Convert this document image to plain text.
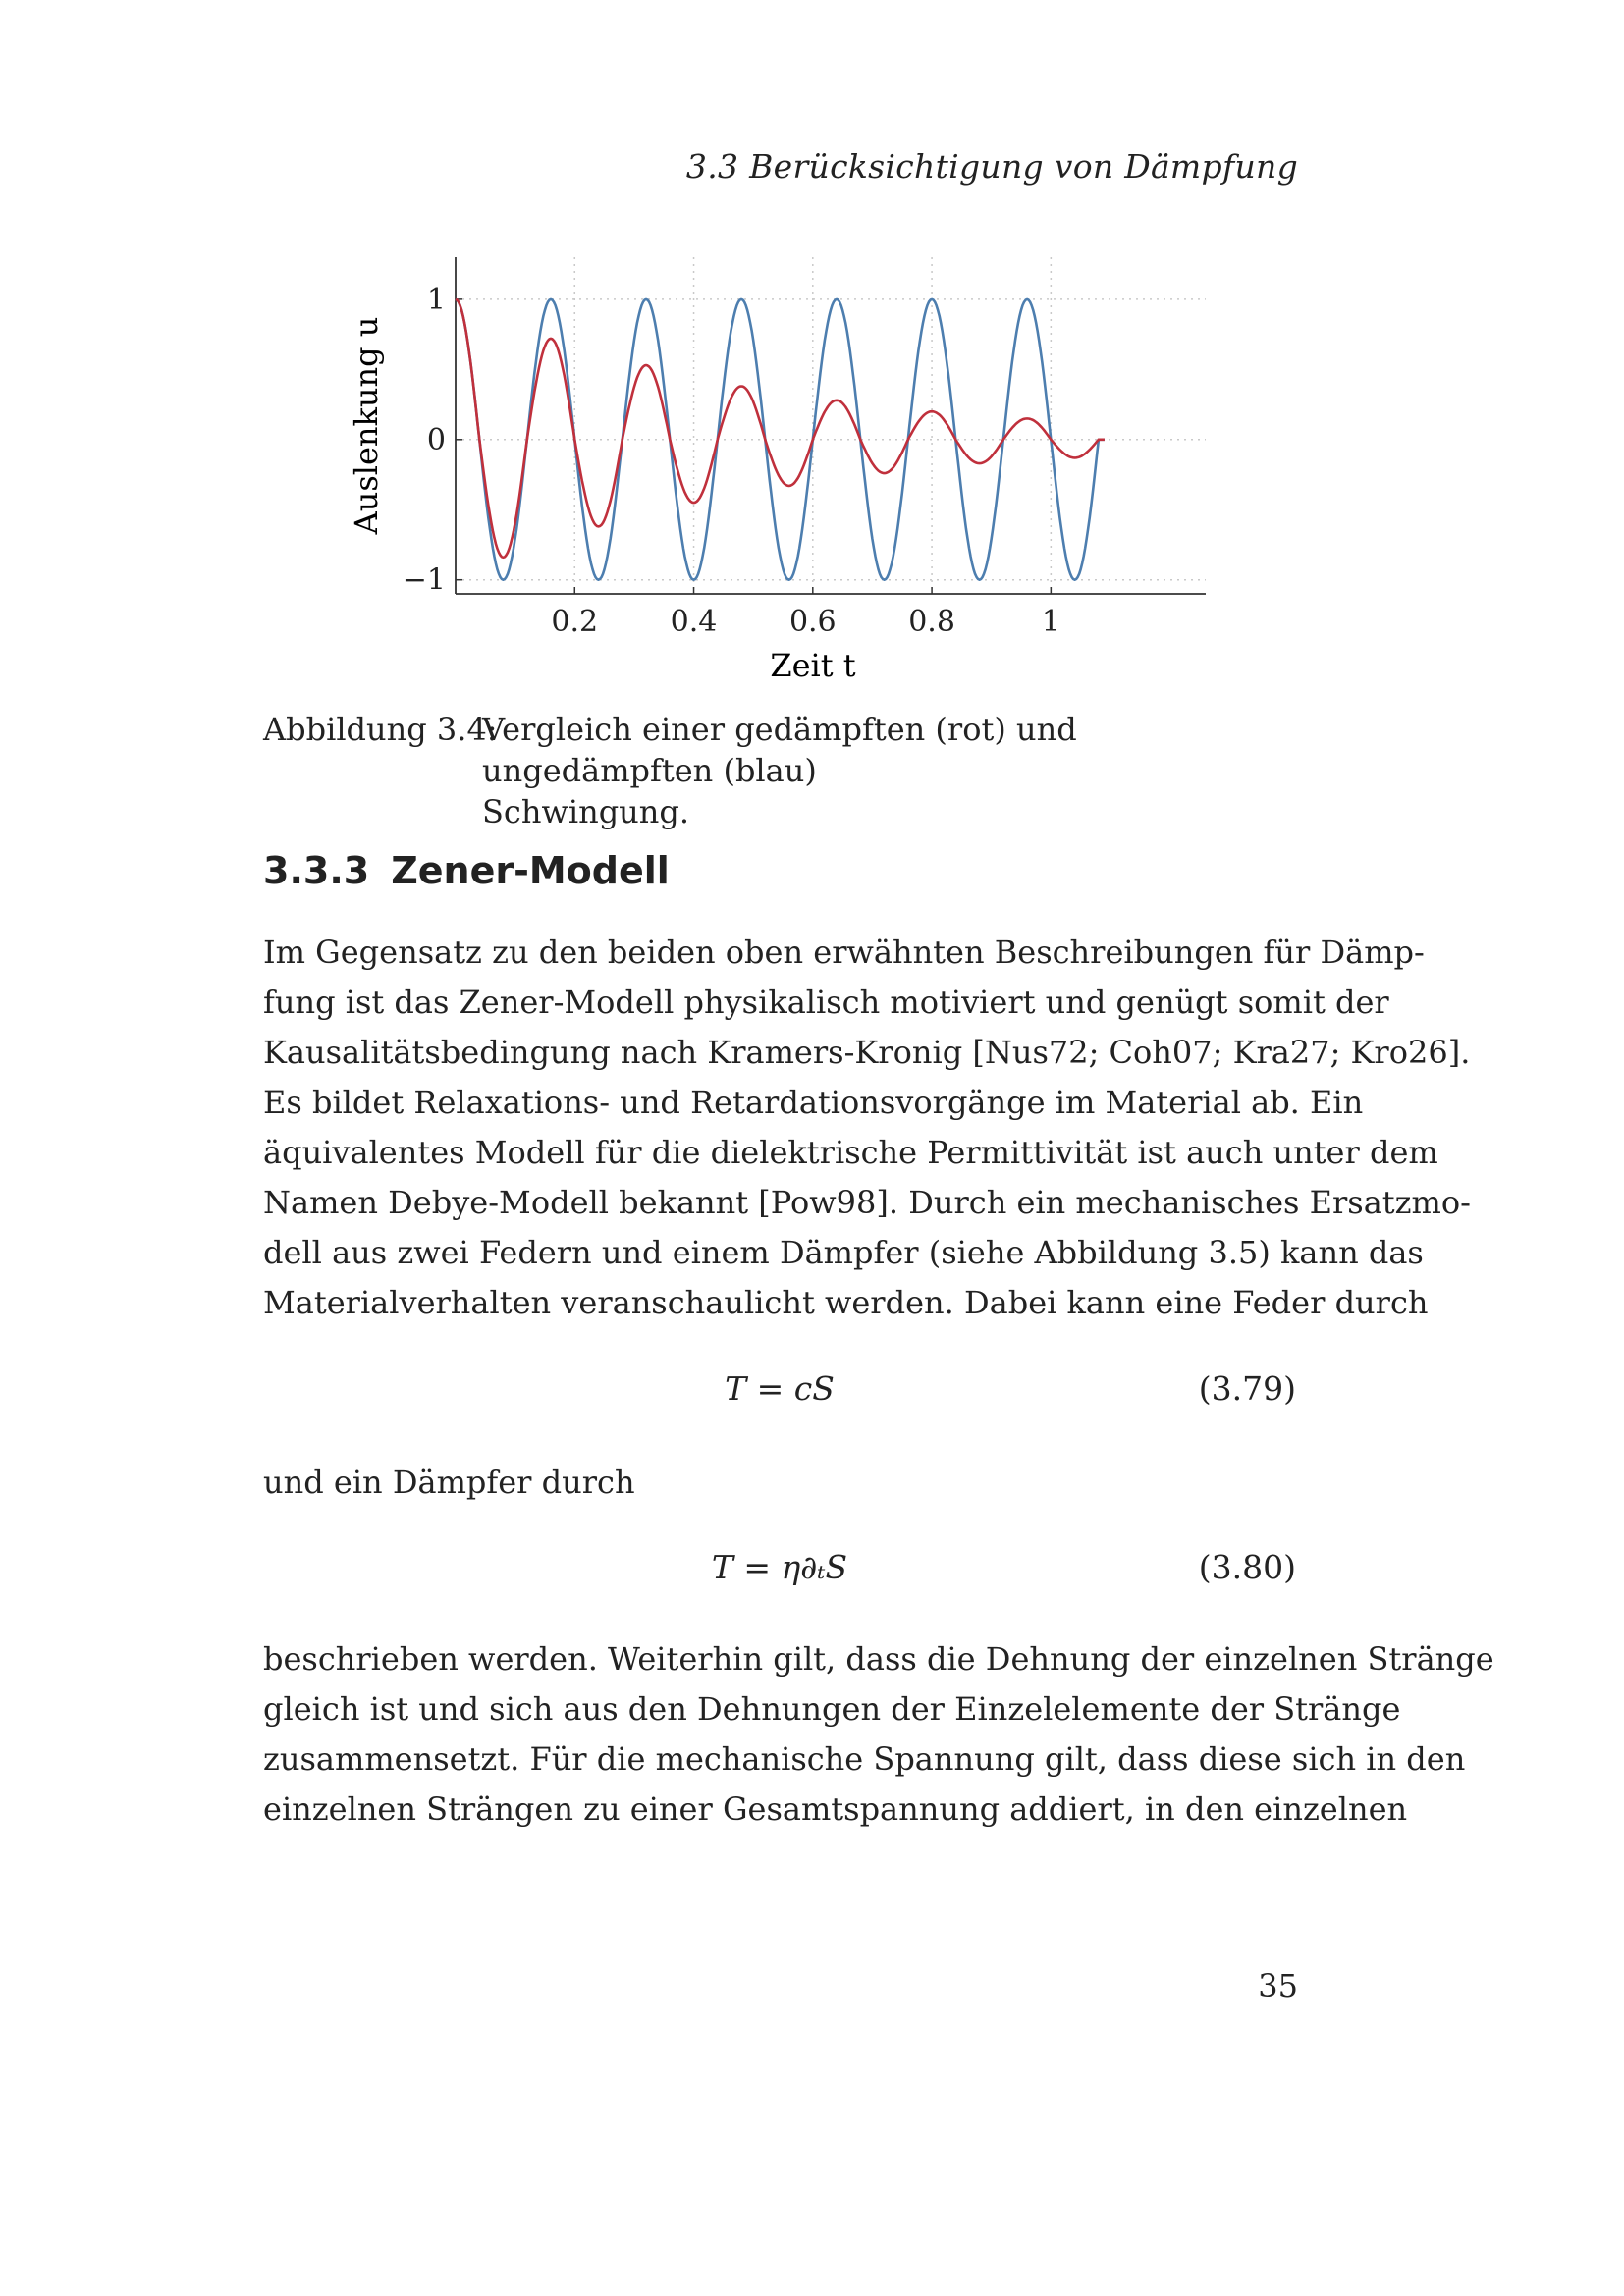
3.3 Berücksichtigung von Dämpfung
0.2 0.4 0.6 0.8	1
−1
0
1
Zeit t
Auslenkung u
Abbildung 3.4:
Vergleich einer gedämpften (rot) und ungedämpften (blau)
Schwingung.
3.3.3 Zener-Modell
Im Gegensatz zu den beiden oben erwähnten Beschreibungen für Dämp-
fung ist das Zener-Modell physikalisch motiviert und genügt somit der
Kausalitätsbedingung nach Kramers-Kronig [Nus72; Coh07; Kra27; Kro26].
Es bildet Relaxations- und Retardationsvorgänge im Material ab. Ein
äquivalentes Modell für die dielektrische Permittivität ist auch unter dem
Namen Debye-Modell bekannt [Pow98]. Durch ein mechanisches Ersatzmo-
dell aus zwei Federn und einem Dämpfer (siehe Abbildung 3.5) kann das
Materialverhalten veranschaulicht werden. Dabei kann eine Feder durch
T = cS	(3.79)
und ein Dämpfer durch
T = η∂ₜS	(3.80)
beschrieben werden. Weiterhin gilt, dass die Dehnung der einzelnen Stränge
gleich ist und sich aus den Dehnungen der Einzelelemente der Stränge
zusammensetzt. Für die mechanische Spannung gilt, dass diese sich in den
einzelnen Strängen zu einer Gesamtspannung addiert, in den einzelnen
35
